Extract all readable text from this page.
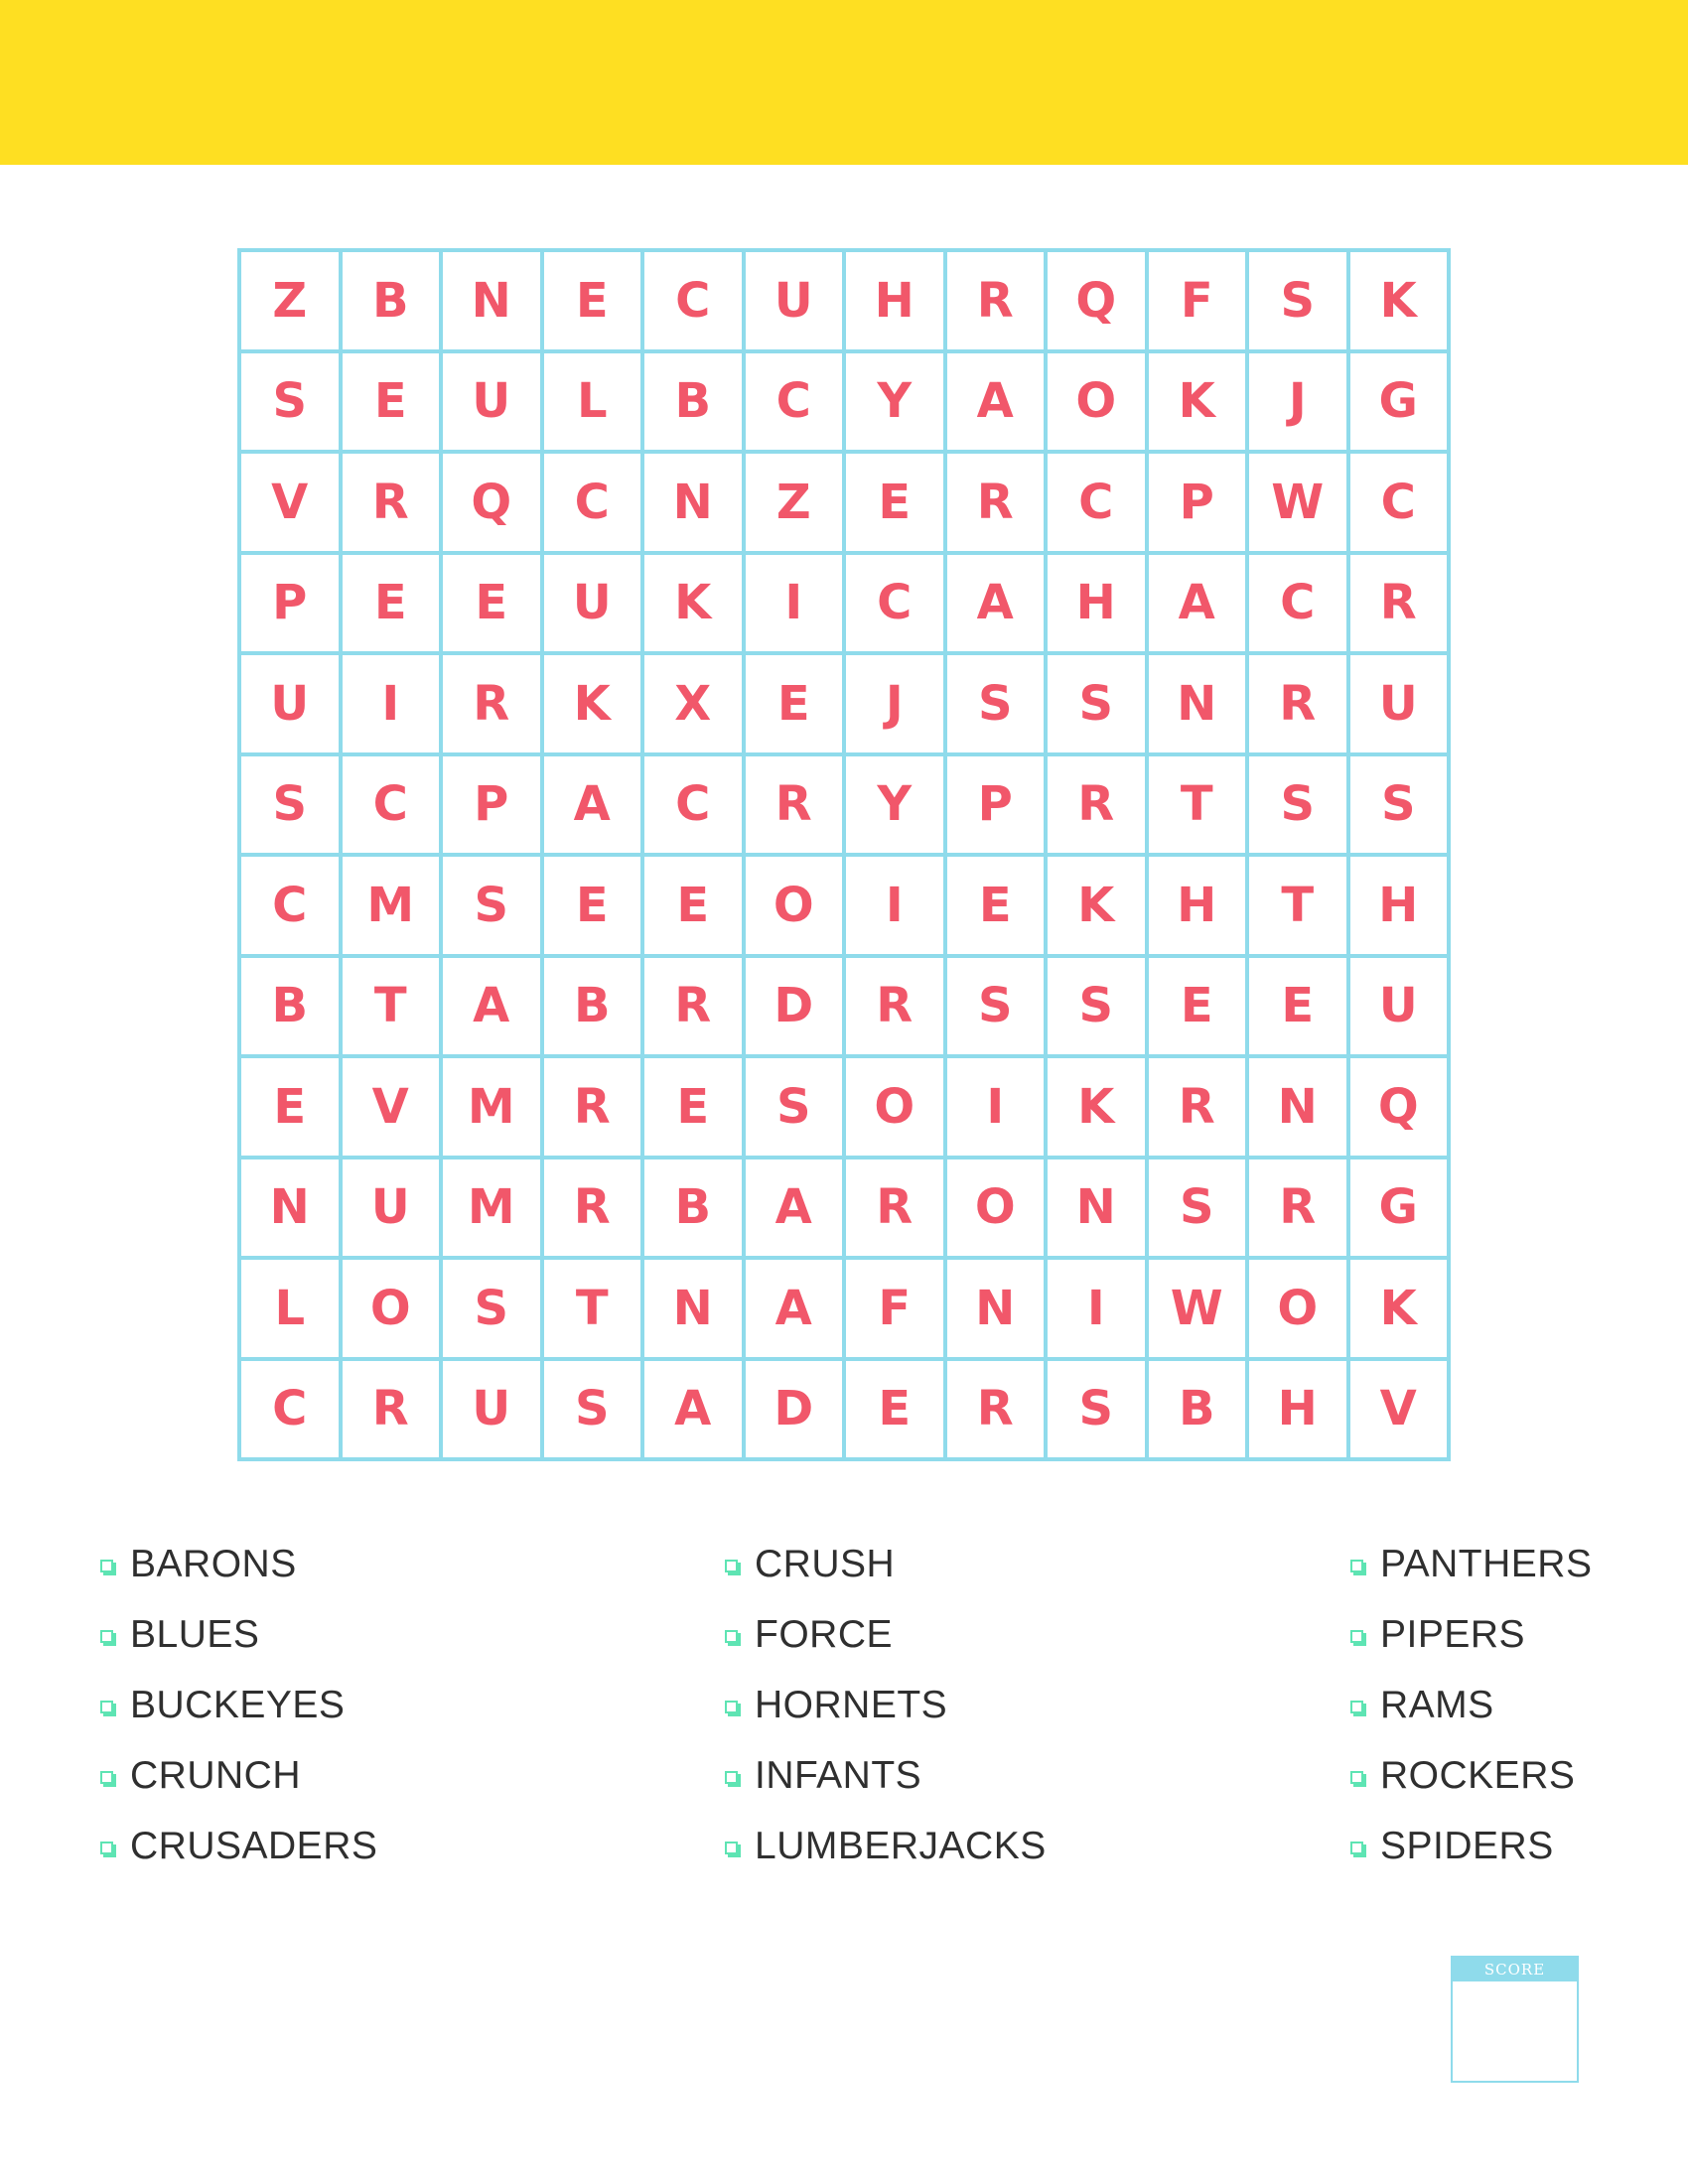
Z	B	N	E	C	U	H	R	Q	F	S	K
S	E	U	L	B	C	Y	A	O	K	J	G
V	R	Q	C	N	Z	E	R	C	P	W	C
P	E	E	U	K	I	C	A	H	A	C	R
U	I	R	K	X	E	J	S	S	N	R	U
S	C	P	A	C	R	Y	P	R	T	S	S
C	M	S	E	E	O	I	E	K	H	T	H
B	T	A	B	R	D	R	S	S	E	E	U
E	V	M	R	E	S	O	I	K	R	N	Q
N	U	M	R	B	A	R	O	N	S	R	G
L	O	S	T	N	A	F	N	I	W	O	K
C	R	U	S	A	D	E	R	S	B	H	V
BARONS
BLUES
BUCKEYES
CRUNCH
CRUSADERS
CRUSH
FORCE
HORNETS
INFANTS
LUMBERJACKS
PANTHERS
PIPERS
RAMS
ROCKERS
SPIDERS
SCORE
